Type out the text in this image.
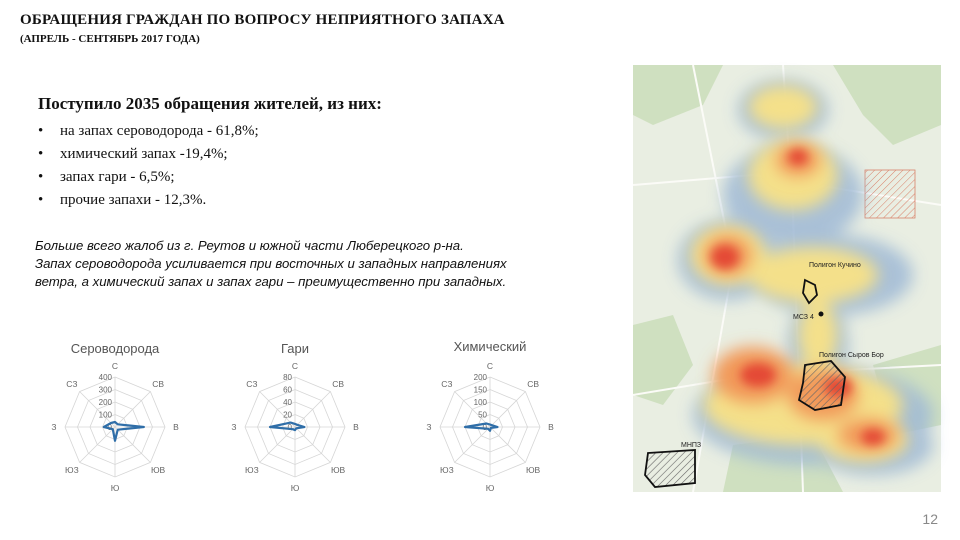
ОБРАЩЕНИЯ ГРАЖДАН ПО ВОПРОСУ НЕПРИЯТНОГО ЗАПАХА
(АПРЕЛЬ - СЕНТЯБРЬ 2017 ГОДА)
Поступило 2035 обращения жителей, из них:
• на запах сероводорода - 61,8%;
• химический запах -19,4%;
• запах гари - 6,5%;
• прочие запахи - 12,3%.
Больше всего жалоб из г. Реутов и южной части Люберецкого р-на.
Запах сероводорода усиливается при восточных и западных направлениях
ветра, а химический запах и запах гари – преимущественно при западных.
Сероводорода
С
СВ
В
ЮВ
Ю
ЮЗ
З
СЗ
400
300
200
100
0
Гари
С
СВ
В
ЮВ
Ю
ЮЗ
З
СЗ
80
60
40
20
0
Химический
С
СВ
В
ЮВ
Ю
ЮЗ
З
СЗ
200
150
100
50
0
Полигон Кучино
МСЗ 4
Полигон Сыров Бор
МНПЗ
12
